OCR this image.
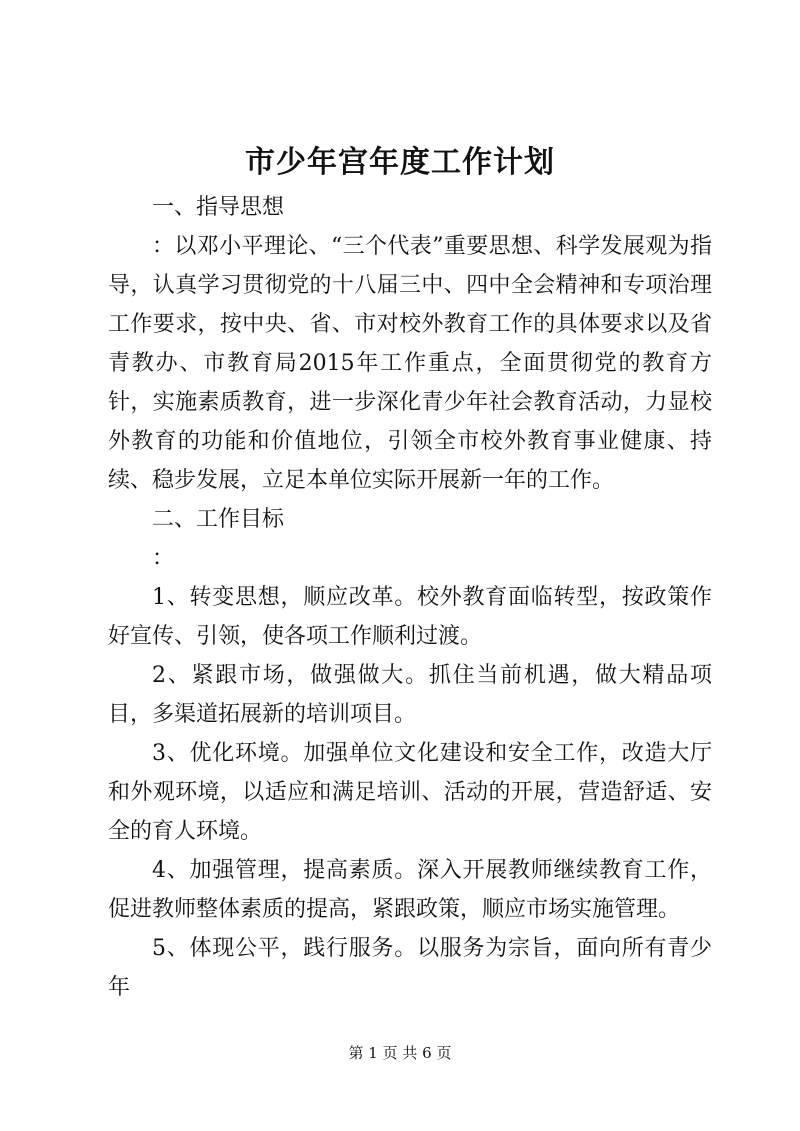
市少年宫年度工作计划

一、指导思想

：以邓小平理论、“三个代表”重要思想、科学发展观为指导，认真学习贯彻党的十八届三中、四中全会精神和专项治理工作要求，按中央、省、市对校外教育工作的具体要求以及省青教办、市教育局2015年工作重点，全面贯彻党的教育方针，实施素质教育，进一步深化青少年社会教育活动，力显校外教育的功能和价值地位，引领全市校外教育事业健康、持续、稳步发展，立足本单位实际开展新一年的工作。

二、工作目标

：

1、转变思想，顺应改革。校外教育面临转型，按政策作好宣传、引领，使各项工作顺利过渡。

2、紧跟市场，做强做大。抓住当前机遇，做大精品项目，多渠道拓展新的培训项目。

3、优化环境。加强单位文化建设和安全工作，改造大厅和外观环境，以适应和满足培训、活动的开展，营造舒适、安全的育人环境。

4、加强管理，提高素质。深入开展教师继续教育工作，促进教师整体素质的提高，紧跟政策，顺应市场实施管理。

5、体现公平，践行服务。以服务为宗旨，面向所有青少年

第 1 页 共 6 页
